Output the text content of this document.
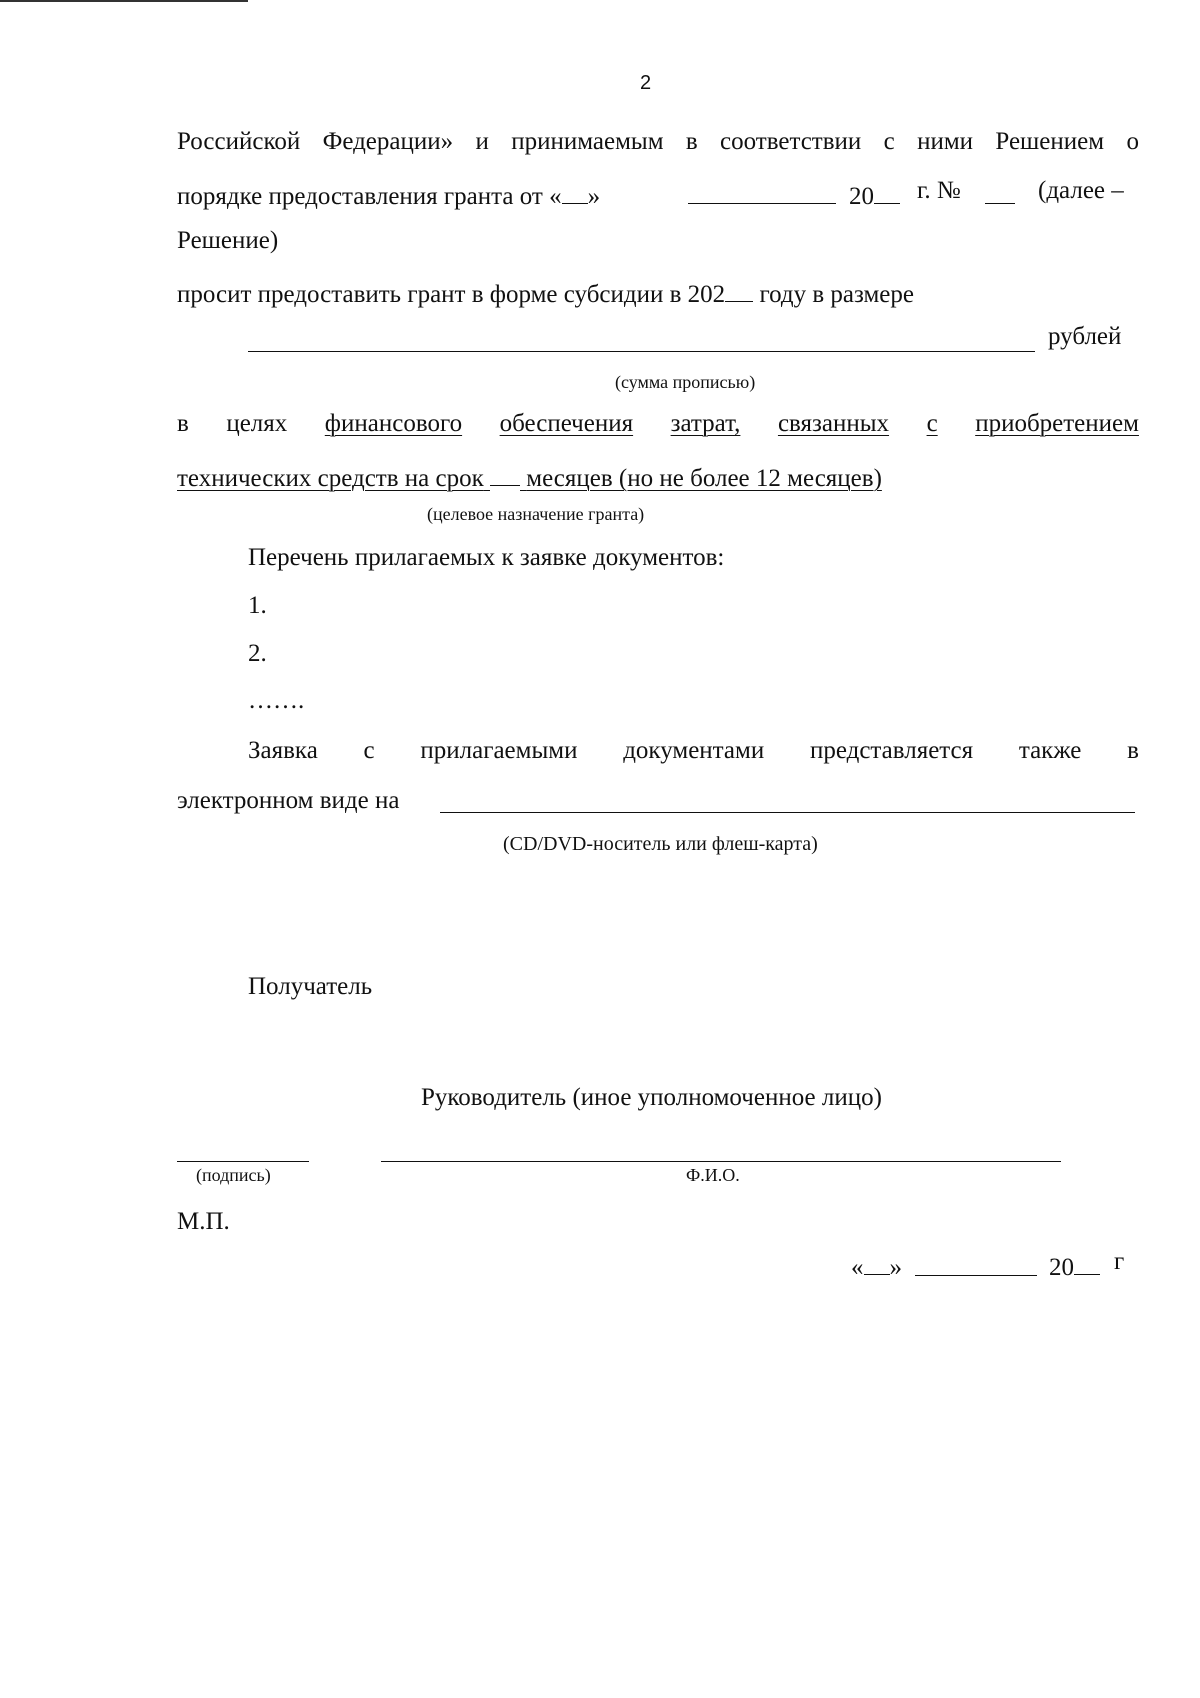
2
Российской Федерации» и принимаемым в соответствии с ними Решением о
порядке предоставления гранта от « »	20	г. №	(далее –
Решение)
просит предоставить грант в форме субсидии в 202 году в размере
рублей
(сумма прописью)
в целях финансового обеспечения затрат, связанных с приобретением
технических средств на срок месяцев (но не более 12 месяцев)
(целевое назначение гранта)
Перечень прилагаемых к заявке документов:
1.
2.
…….
Заявка с прилагаемыми документами представляется также в
электронном виде на
(CD/DVD-носитель или флеш-карта)
Получатель
Руководитель (иное уполномоченное лицо)
(подпись)	Ф.И.О.
М.П.
« »	20	г
